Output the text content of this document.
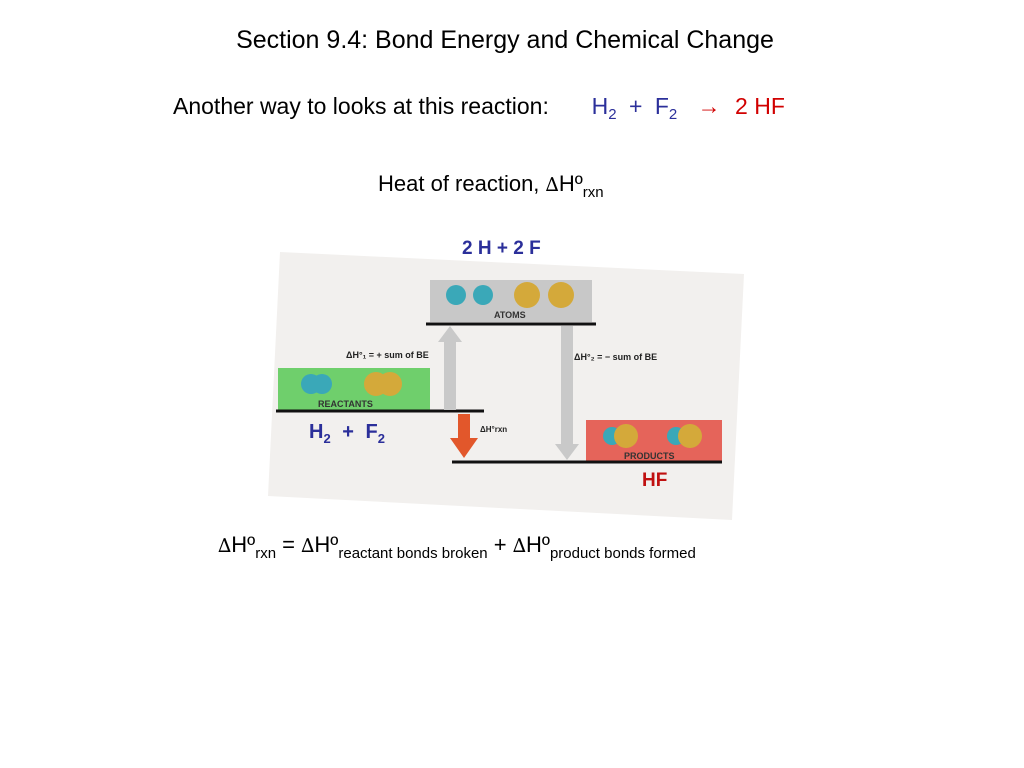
Section 9.4: Bond Energy and Chemical Change
Another way to looks at this reaction: $H_2 + F_2 \to 2$ HF
Heat of reaction, ∆Hº$_{rxn}$
2 H + 2 F
ATOMS
REACTANTS
PRODUCTS
ΔH°₁ = + sum of BE	ΔH°₂ = − sum of BE
ΔH°rxn
$H_2 + F_2$
HF
∆Hº$_{rxn}$ = ∆Hº$_{reactant bonds broken}$ + ∆Hº$_{product bonds formed}$
